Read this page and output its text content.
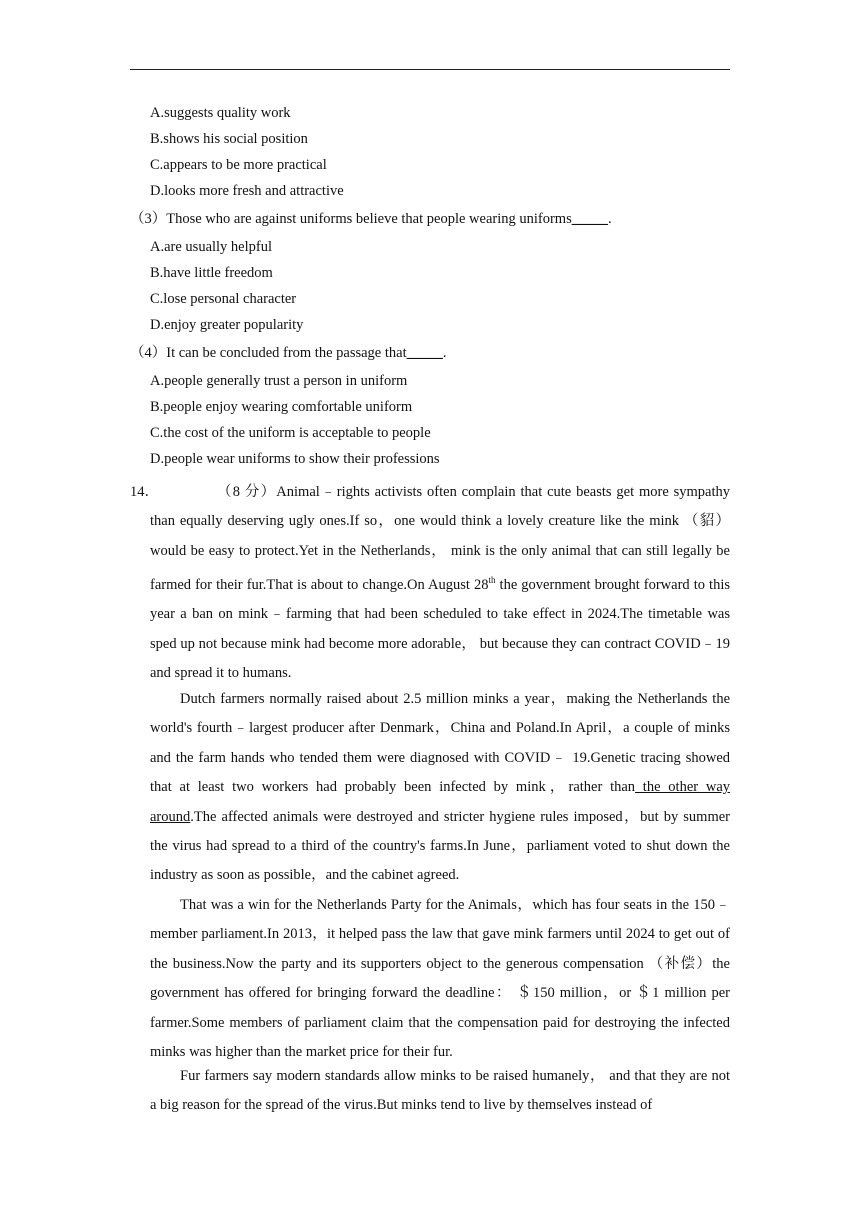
A.suggests quality work
B.shows his social position
C.appears to be more practical
D.looks more fresh and attractive
（3）Those who are against uniforms believe that people wearing uniforms_____.
A.are usually helpful
B.have little freedom
C.lose personal character
D.enjoy greater popularity
（4）It can be concluded from the passage that_____.
A.people generally trust a person in uniform
B.people enjoy wearing comfortable uniform
C.the cost of the uniform is acceptable to people
D.people wear uniforms to show their professions
14．	（8 分）Animal﹣rights activists often complain that cute beasts get more sympathy than equally deserving ugly ones.If so，one would think a lovely creature like the mink （貂）would be easy to protect.Yet in the Netherlands， mink is the only animal that can still legally be farmed for their fur.That is about to change.On August 28th the government brought forward to this year a ban on mink﹣farming that had been scheduled to take effect in 2024.The timetable was sped up not because mink had become more adorable， but because they can contract COVID﹣19 and spread it to humans.

Dutch farmers normally raised about 2.5 million minks a year，making the Netherlands the world's fourth﹣largest producer after Denmark，China and Poland.In April，a couple of minks and the farm hands who tended them were diagnosed with COVID﹣ 19.Genetic tracing showed that at least two workers had probably been infected by mink，rather than the other way around.The affected animals were destroyed and stricter hygiene rules imposed，but by summer the virus had spread to a third of the country's farms.In June，parliament voted to shut down the industry as soon as possible，and the cabinet agreed.

That was a win for the Netherlands Party for the Animals，which has four seats in the 150﹣member parliament.In 2013，it helped pass the law that gave mink farmers until 2024 to get out of the business.Now the party and its supporters object to the generous compensation （补偿）the government has offered for bringing forward the deadline： ＄150 million，or ＄1 million per farmer.Some members of parliament claim that the compensation paid for destroying the infected minks was higher than the market price for their fur.

Fur farmers say modern standards allow minks to be raised humanely， and that they are not a big reason for the spread of the virus.But minks tend to live by themselves instead of
